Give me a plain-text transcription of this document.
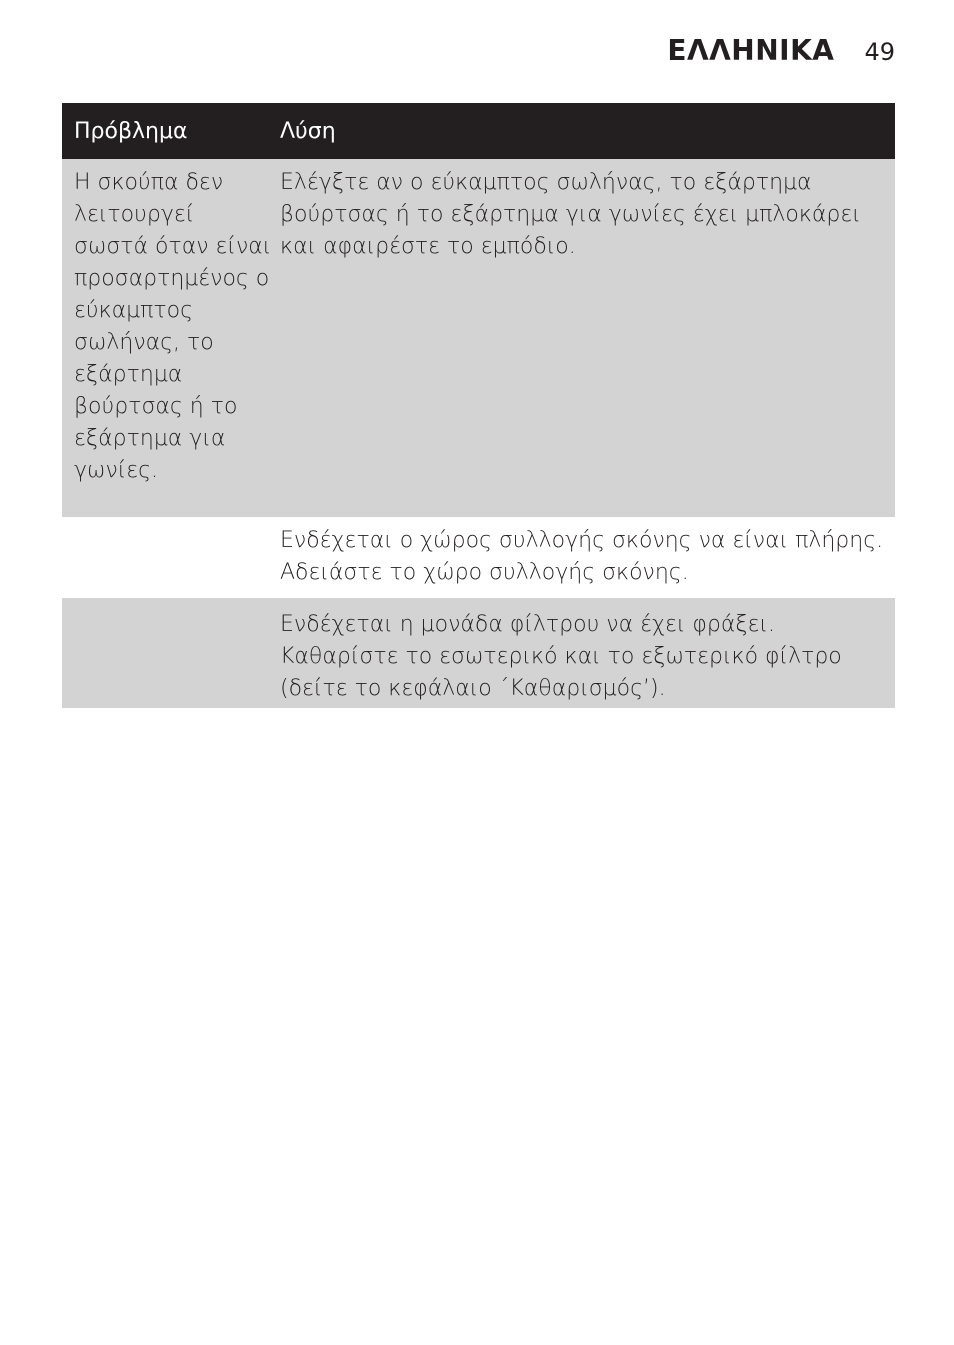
ΕΛΛΗΝΙΚΑ 49
Πρόβλημα	Λύση
Η σκούπα δεν λειτουργεί σωστά όταν είναι προσαρτημένος ο εύκαμπτος σωλήνας, το εξάρτημα βούρτσας ή το εξάρτημα για γωνίες.
Ελέγξτε αν ο εύκαμπτος σωλήνας, το εξάρτημα βούρτσας ή το εξάρτημα για γωνίες έχει μπλοκάρει και αφαιρέστε το εμπόδιο.
Ενδέχεται ο χώρος συλλογής σκόνης να είναι πλήρης. Αδειάστε το χώρο συλλογής σκόνης.
Ενδέχεται η μονάδα φίλτρου να έχει φράξει. Καθαρίστε το εσωτερικό και το εξωτερικό φίλτρο (δείτε το κεφάλαιο ΄Καθαρισμός’).
